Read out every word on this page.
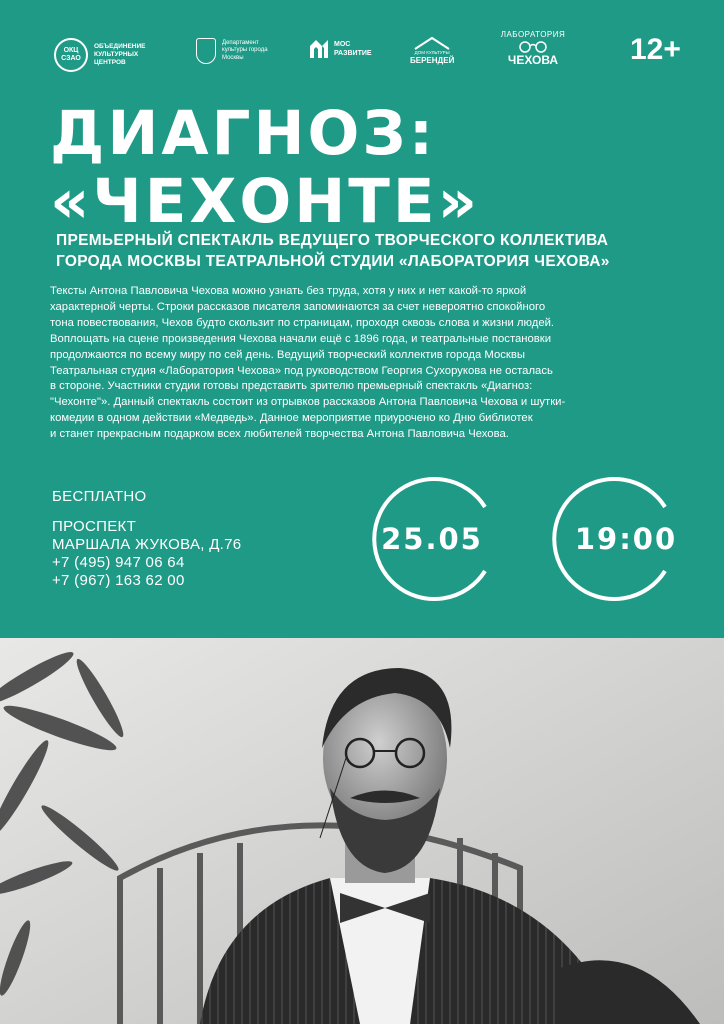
ОКЦ
СЗАО
ОБЪЕДИНЕНИЕ КУЛЬТУРНЫХ ЦЕНТРОВ
Департамент культуры города Москвы
МОС
РАЗВИТИЕ	ДОМ КУЛЬТУРЫ
БЕРЕНДЕЙ
ЛАБОРАТОРИЯ
ЧЕХОВА 12+
ДИАГНОЗ:
«ЧЕХОНТЕ»
ПРЕМЬЕРНЫЙ СПЕКТАКЛЬ ВЕДУЩЕГО ТВОРЧЕСКОГО КОЛЛЕКТИВА
ГОРОДА МОСКВЫ ТЕАТРАЛЬНОЙ СТУДИИ «ЛАБОРАТОРИЯ ЧЕХОВА»

Тексты Антона Павловича Чехова можно узнать без труда, хотя у них и нет какой-то яркой

характерной черты. Строки рассказов писателя запоминаются за счет невероятно спокойного

тона повествования, Чехов будто скользит по страницам, проходя сквозь слова и жизни людей.

Воплощать на сцене произведения Чехова начали ещё с 1896 года, и театральные постановки

продолжаются по всему миру по сей день. Ведущий творческий коллектив города Москвы

Театральная студия «Лаборатория Чехова» под руководством Георгия Сухорукова не осталась

в стороне. Участники студии готовы представить зрителю премьерный спектакль «Диагноз:

"Чехонте"». Данный спектакль состоит из отрывков рассказов Антона Павловича Чехова и шутки-

комедии в одном действии «Медведь». Данное мероприятие приурочено ко Дню библиотек

и станет прекрасным подарком всех любителей творчества Антона Павловича Чехова.

БЕСПЛАТНО
ПРОСПЕКТ
МАРШАЛА ЖУКОВА, Д.76
+7 (495) 947 06 64
+7 (967) 163 62 00
25.05	19:00
